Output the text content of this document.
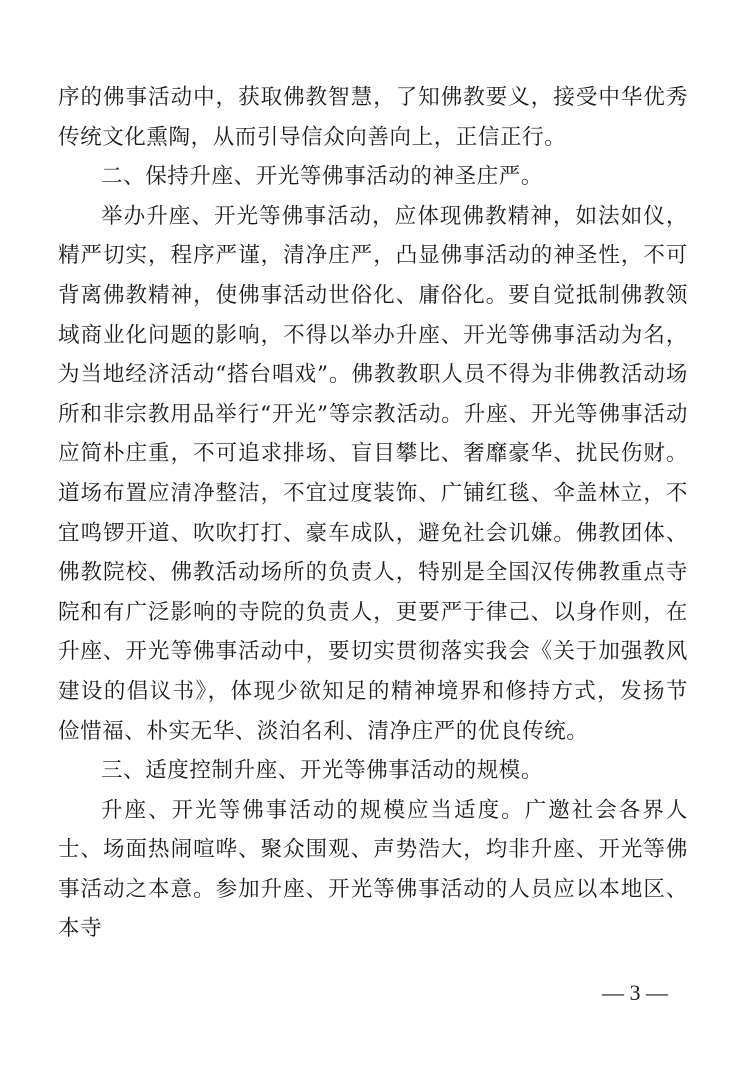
序的佛事活动中，获取佛教智慧，了知佛教要义，接受中华优秀传统文化熏陶，从而引导信众向善向上，正信正行。

二、保持升座、开光等佛事活动的神圣庄严。

举办升座、开光等佛事活动，应体现佛教精神，如法如仪，精严切实，程序严谨，清净庄严，凸显佛事活动的神圣性，不可背离佛教精神，使佛事活动世俗化、庸俗化。要自觉抵制佛教领域商业化问题的影响，不得以举办升座、开光等佛事活动为名，为当地经济活动“搭台唱戏”。佛教教职人员不得为非佛教活动场所和非宗教用品举行“开光”等宗教活动。升座、开光等佛事活动应简朴庄重，不可追求排场、盲目攀比、奢靡豪华、扰民伤财。道场布置应清净整洁，不宜过度装饰、广铺红毯、伞盖林立，不宜鸣锣开道、吹吹打打、豪车成队，避免社会讥嫌。佛教团体、佛教院校、佛教活动场所的负责人，特别是全国汉传佛教重点寺院和有广泛影响的寺院的负责人，更要严于律己、以身作则，在升座、开光等佛事活动中，要切实贯彻落实我会《关于加强教风建设的倡议书》，体现少欲知足的精神境界和修持方式，发扬节俭惜福、朴实无华、淡泊名利、清净庄严的优良传统。

三、适度控制升座、开光等佛事活动的规模。

升座、开光等佛事活动的规模应当适度。广邀社会各界人士、场面热闹喧哗、聚众围观、声势浩大，均非升座、开光等佛事活动之本意。参加升座、开光等佛事活动的人员应以本地区、本寺

— 3 —
